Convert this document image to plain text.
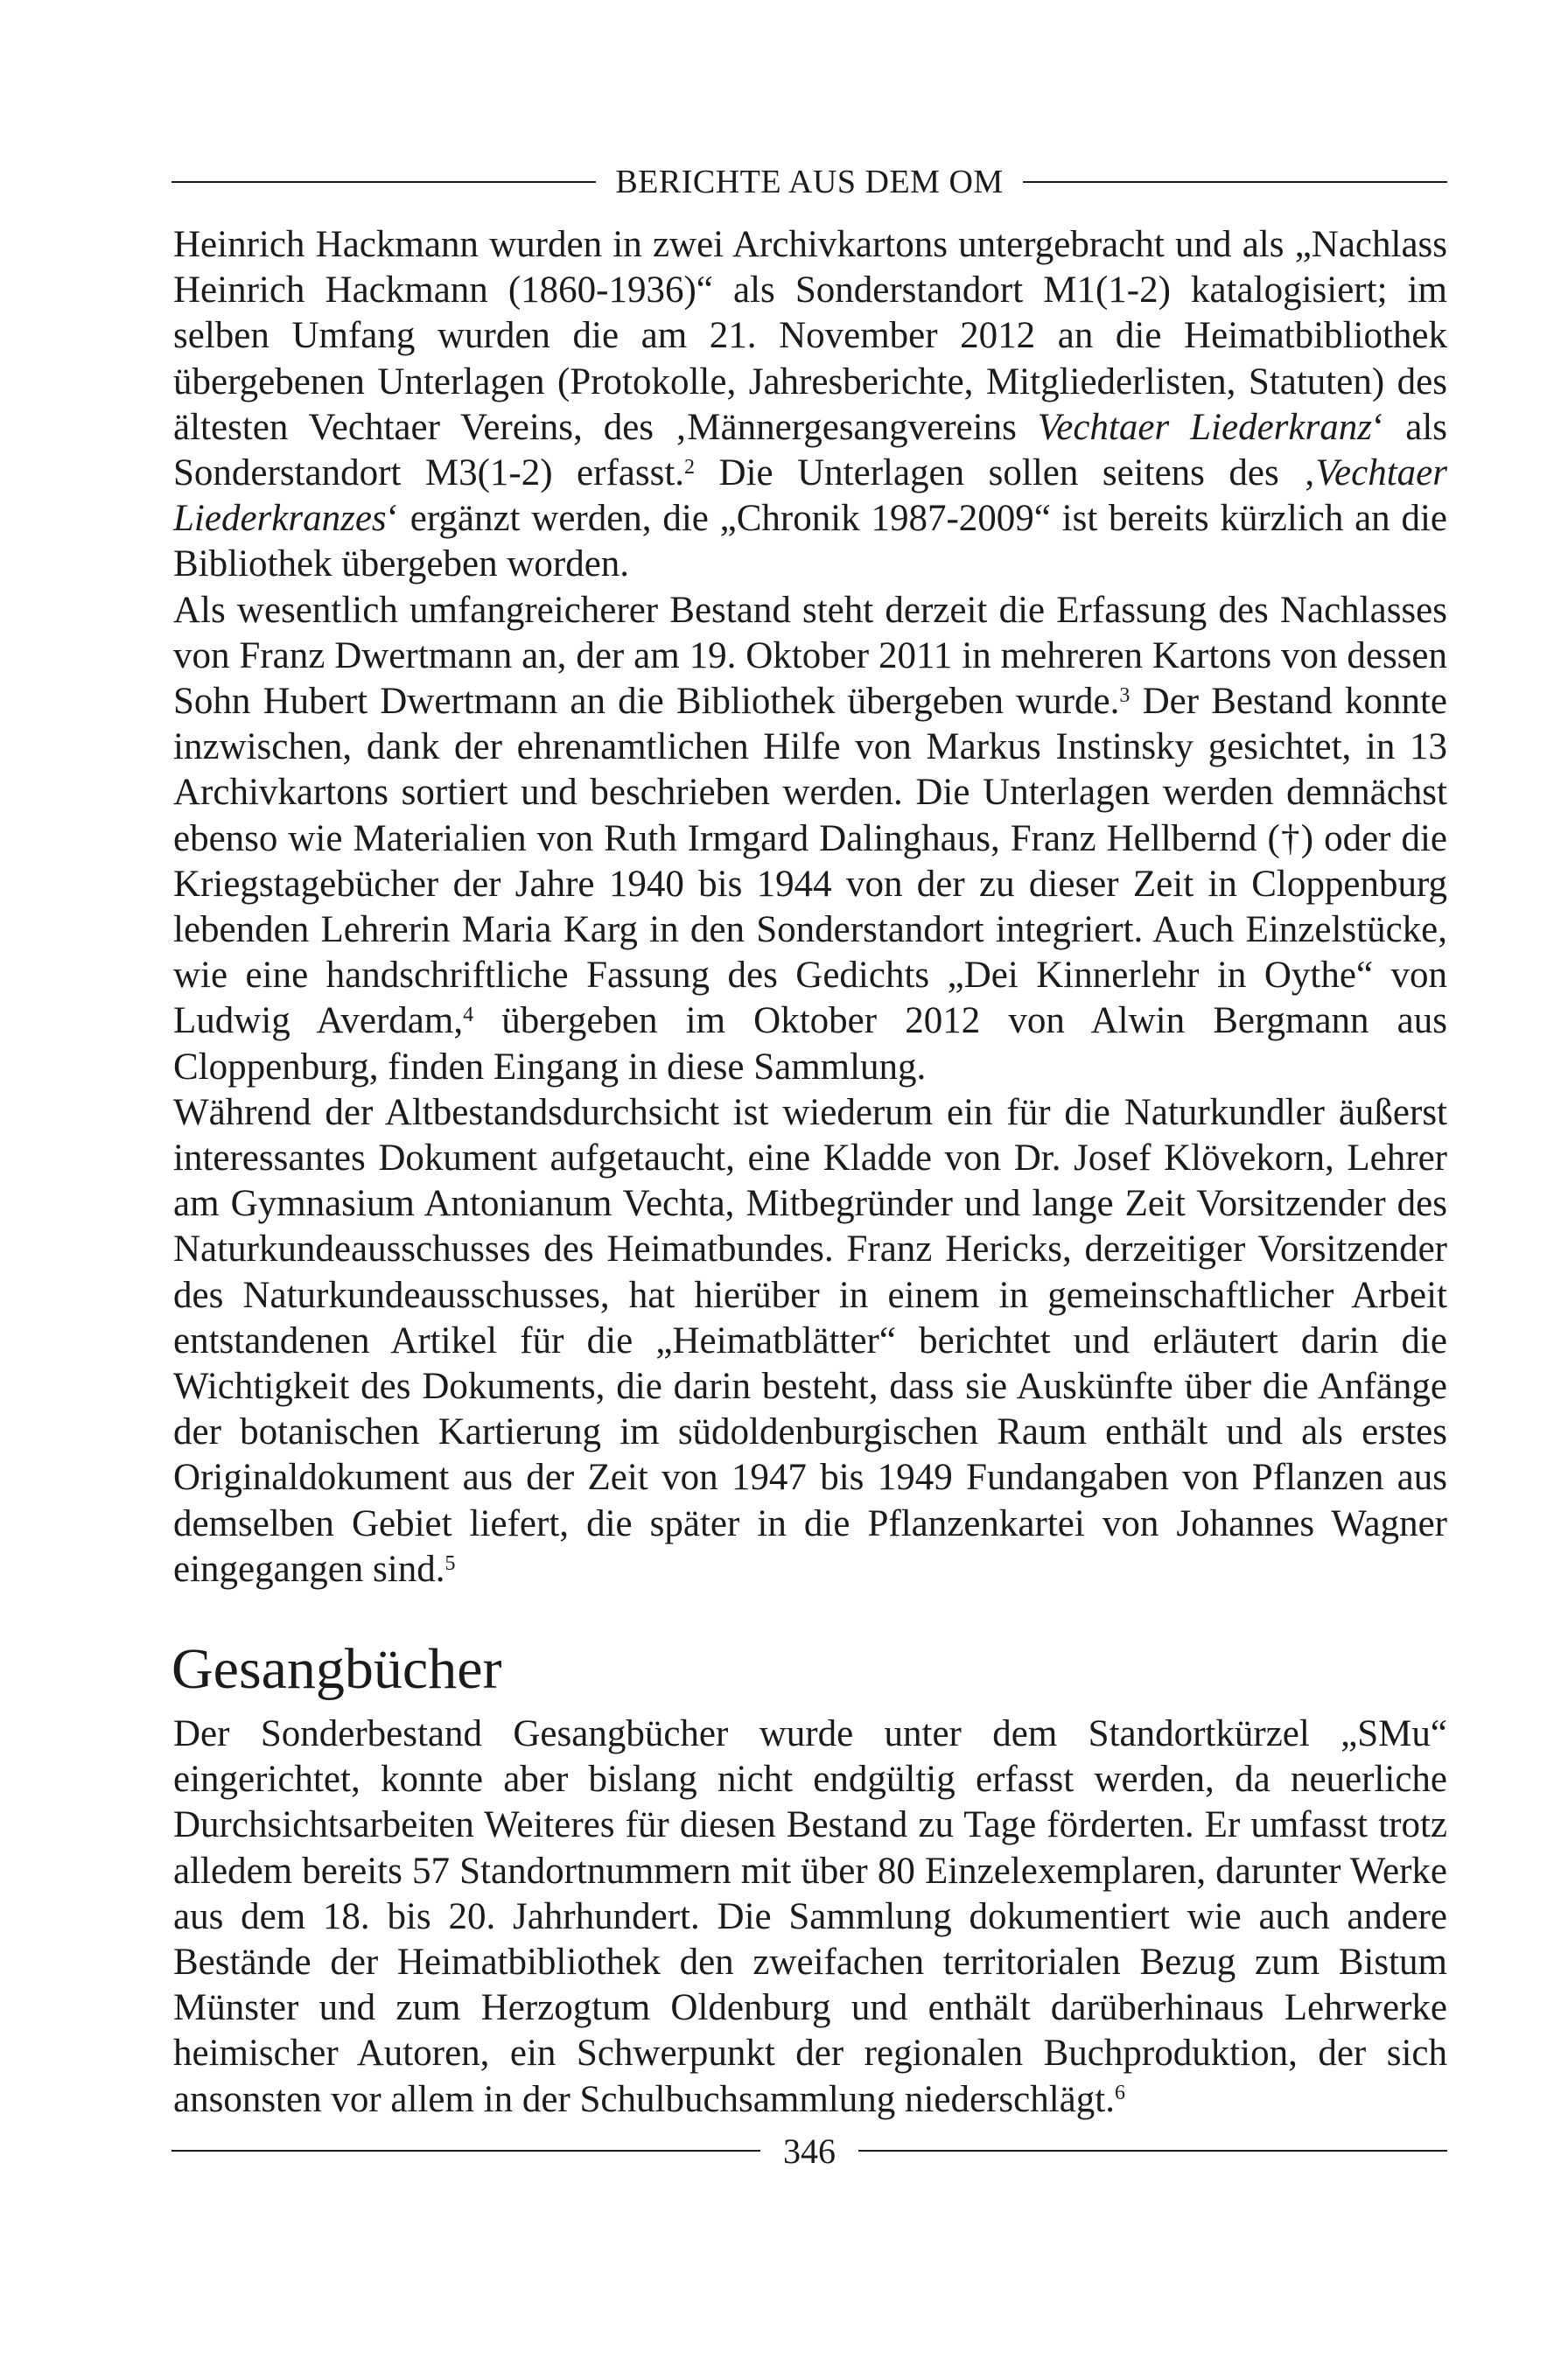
BERICHTE AUS DEM OM

Heinrich Hackmann wurden in zwei Archivkartons untergebracht und als „Nachlass Heinrich Hackmann (1860-1936)“ als Sonderstandort M1(1-2) katalogisiert; im selben Umfang wurden die am 21. November 2012 an die Heimatbibliothek übergebenen Unterlagen (Protokolle, Jahresberichte, Mitgliederlisten, Statuten) des ältesten Vechtaer Vereins, des ‚Männergesangvereins Vechtaer Liederkranz‘ als Sonderstandort M3(1-2) erfasst.$^2$ Die Unterlagen sollen seitens des ‚Vechtaer Liederkranzes‘ ergänzt werden, die „Chronik 1987-2009“ ist bereits kürzlich an die Bibliothek übergeben worden.

Als wesentlich umfangreicherer Bestand steht derzeit die Erfassung des Nachlasses von Franz Dwertmann an, der am 19. Oktober 2011 in mehreren Kartons von dessen Sohn Hubert Dwertmann an die Bibliothek übergeben wurde.$^3$ Der Bestand konnte inzwischen, dank der ehrenamtlichen Hilfe von Markus Instinsky gesichtet, in 13 Archivkartons sortiert und beschrieben werden. Die Unterlagen werden demnächst ebenso wie Materialien von Ruth Irmgard Dalinghaus, Franz Hellbernd (†) oder die Kriegstagebücher der Jahre 1940 bis 1944 von der zu dieser Zeit in Cloppenburg lebenden Lehrerin Maria Karg in den Sonderstandort integriert. Auch Einzelstücke, wie eine handschriftliche Fassung des Gedichts „Dei Kinnerlehr in Oythe“ von Ludwig Averdam,$^4$ übergeben im Oktober 2012 von Alwin Bergmann aus Cloppenburg, finden Eingang in diese Sammlung.

Während der Altbestandsdurchsicht ist wiederum ein für die Naturkundler äußerst interessantes Dokument aufgetaucht, eine Kladde von Dr. Josef Klövekorn, Lehrer am Gymnasium Antonianum Vechta, Mitbegründer und lange Zeit Vorsitzender des Naturkundeausschusses des Heimatbundes. Franz Hericks, derzeitiger Vorsitzender des Naturkundeausschusses, hat hierüber in einem in gemeinschaftlicher Arbeit entstandenen Artikel für die „Heimatblätter“ berichtet und erläutert darin die Wichtigkeit des Dokuments, die darin besteht, dass sie Auskünfte über die Anfänge der botanischen Kartierung im südoldenburgischen Raum enthält und als erstes Originaldokument aus der Zeit von 1947 bis 1949 Fundangaben von Pflanzen aus demselben Gebiet liefert, die später in die Pflanzenkartei von Johannes Wagner eingegangen sind.$^5$

Gesangbücher

Der Sonderbestand Gesangbücher wurde unter dem Standortkürzel „SMu“ eingerichtet, konnte aber bislang nicht endgültig erfasst werden, da neuerliche Durchsichtsarbeiten Weiteres für diesen Bestand zu Tage förderten. Er umfasst trotz alledem bereits 57 Standortnummern mit über 80 Einzelexemplaren, darunter Werke aus dem 18. bis 20. Jahrhundert. Die Sammlung dokumentiert wie auch andere Bestände der Heimatbibliothek den zweifachen territorialen Bezug zum Bistum Münster und zum Herzogtum Oldenburg und enthält darüberhinaus Lehrwerke heimischer Autoren, ein Schwerpunkt der regionalen Buchproduktion, der sich ansonsten vor allem in der Schulbuchsammlung niederschlägt.$^6$

346
